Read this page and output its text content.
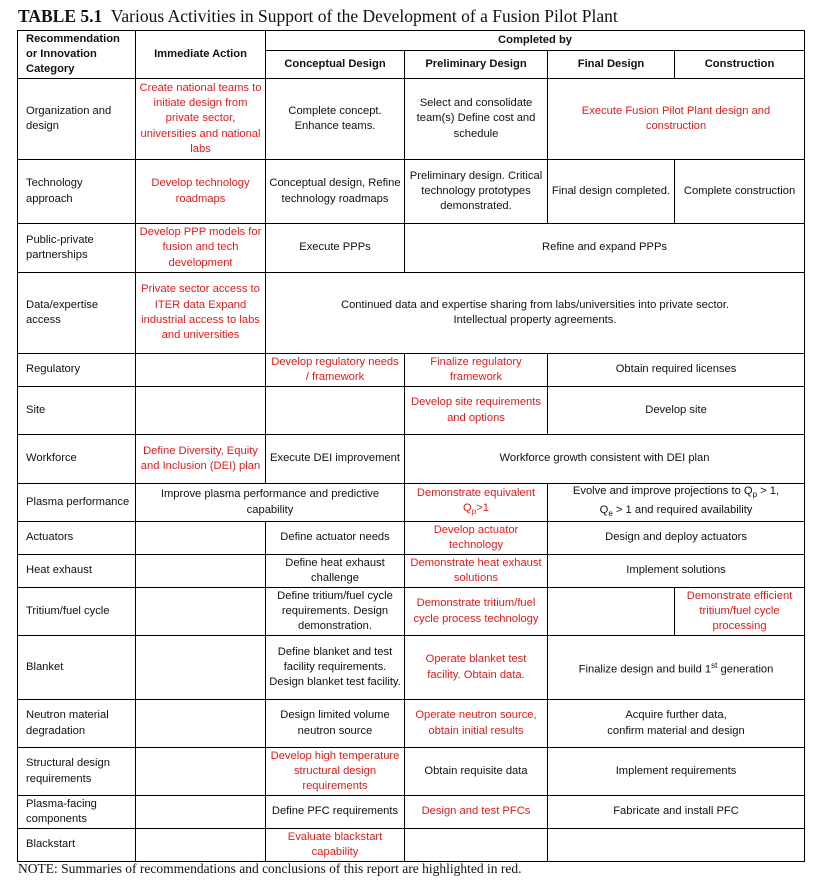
TABLE 5.1 Various Activities in Support of the Development of a Fusion Pilot Plant
Recommendation or Innovation Category	Immediate Action	Completed by			
		Conceptual Design	Preliminary Design	Final Design	Construction
Organization and design	Create national teams to initiate design from private sector, universities and national labs	Complete concept. Enhance teams.	Select and consolidate team(s) Define cost and schedule	Execute Fusion Pilot Plant design and construction	
Technology approach	Develop technology roadmaps	Conceptual design, Refine technology roadmaps	Preliminary design. Critical technology prototypes demonstrated.	Final design completed.	Complete construction
Public-private partnerships	Develop PPP models for fusion and tech development	Execute PPPs	Refine and expand PPPs		
Data/expertise access	Private sector access to ITER data Expand industrial access to labs and universities	Continued data and expertise sharing from labs/universities into private sector.
Intellectual property agreements.			

Regulatory		Develop regulatory needs / framework	Finalize regulatory framework	Obtain required licenses	
Site			Develop site requirements and options	Develop site	
Workforce	Define Diversity, Equity and Inclusion (DEI) plan	Execute DEI improvement	Workforce growth consistent with DEI plan		
Plasma performance	Improve plasma performance and predictive capability		Demonstrate equivalent $Q_p>1$	Evolve and improve projections to $Q_p > 1$,
$Q_e > 1$ and required availability	

Actuators		Define actuator needs	Develop actuator technology	Design and deploy actuators	
Heat exhaust		Define heat exhaust challenge	Demonstrate heat exhaust solutions	Implement solutions	
Tritium/fuel cycle		Define tritium/fuel cycle requirements. Design demonstration.	Demonstrate tritium/fuel cycle process technology		Demonstrate efficient tritium/fuel cycle processing
Blanket		Define blanket and test facility requirements. Design blanket test facility.	Operate blanket test facility. Obtain data.	Finalize design and build 1st generation	
Neutron material degradation		Design limited volume neutron source	Operate neutron source, obtain initial results	Acquire further data,
confirm material and design	

Structural design requirements		Develop high temperature structural design requirements	Obtain requisite data	Implement requirements	
Plasma-facing components		Define PFC requirements	Design and test PFCs	Fabricate and install PFC	
Blackstart		Evaluate blackstart capability			
NOTE: Summaries of recommendations and conclusions of this report are highlighted in red.
